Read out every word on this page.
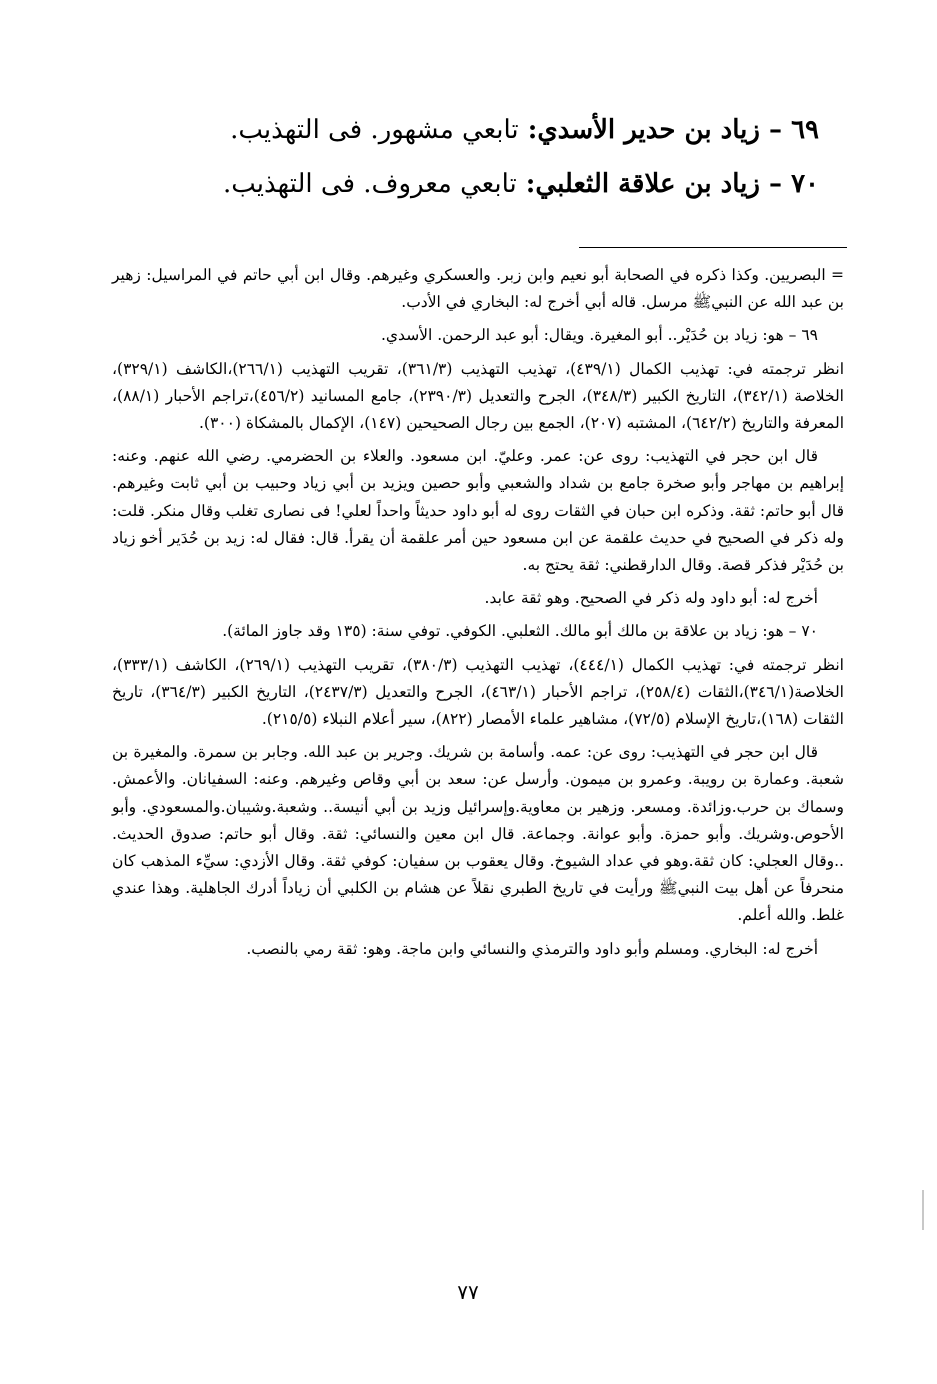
٦٩ – زياد بن حدير الأسدي: تابعي مشهور. فى التهذيب.
٧٠ – زياد بن علاقة الثعلبي: تابعي معروف. فى التهذيب.

= البصريين. وكذا ذكره في الصحابة أبو نعيم وابن زبر. والعسكري وغيرهم. وقال ابن أبي حاتم في المراسيل: زهير بن عبد الله عن النبيﷺ مرسل. قاله أبي أخرج له: البخاري في الأدب.

٦٩ – هو: زياد بن حُدَيْر.. أبو المغيرة. ويقال: أبو عبد الرحمن. الأسدي.

انظر ترجمته في: تهذيب الكمال (٤٣٩/١)، تهذيب التهذيب (٣٦١/٣)، تقريب التهذيب (٢٦٦/١)،الكاشف (٣٢٩/١)، الخلاصة (٣٤٢/١)، التاريخ الكبير (٣٤٨/٣)، الجرح والتعديل (٢٣٩٠/٣)، جامع المسانيد (٤٥٦/٢)،تراجم الأحبار (٨٨/١)، المعرفة والتاريخ (٦٤٢/٢)، المشتبه (٢٠٧)، الجمع بين رجال الصحيحين (١٤٧)، الإكمال بالمشكاة (٣٠٠).

قال ابن حجر في التهذيب: روى عن: عمر. وعليّ. ابن مسعود. والعلاء بن الحضرمي. رضي الله عنهم. وعنه: إبراهيم بن مهاجر وأبو صخرة جامع بن شداد والشعبي وأبو حصين ويزيد بن أبي زياد وحبيب بن أبي ثابت وغيرهم. قال أبو حاتم: ثقة. وذكره ابن حبان في الثقات روى له أبو داود حديثاً واحداً لعلي! فى نصارى تغلب وقال منكر. قلت: وله ذكر في الصحيح في حديث علقمة عن ابن مسعود حين أمر علقمة أن يقرأ. قال: فقال له: زيد بن حُدَير أخو زياد بن حُدَيْر فذكر قصة. وقال الدارقطني: ثقة يحتج به.

أخرج له: أبو داود وله ذكر في الصحيح. وهو ثقة عابد.

٧٠ – هو: زياد بن علاقة بن مالك أبو مالك. الثعلبي. الكوفي. توفي سنة: (١٣٥ وقد جاوز المائة).

انظر ترجمته في: تهذيب الكمال (٤٤٤/١)، تهذيب التهذيب (٣٨٠/٣)، تقريب التهذيب (٢٦٩/١)، الكاشف (٣٣٣/١)، الخلاصة(٣٤٦/١)،الثقات (٢٥٨/٤)، تراجم الأحبار (٤٦٣/١)، الجرح والتعديل (٢٤٣٧/٣)، التاريخ الكبير (٣٦٤/٣)، تاريخ الثقات (١٦٨)،تاريخ الإسلام (٧٢/٥)، مشاهير علماء الأمصار (٨٢٢)، سير أعلام النبلاء (٢١٥/٥).

قال ابن حجر في التهذيب: روى عن: عمه. وأسامة بن شريك. وجرير بن عبد الله. وجابر بن سمرة. والمغيرة بن شعبة. وعمارة بن رويبة. وعمرو بن ميمون. وأرسل عن: سعد بن أبي وقاص وغيرهم. وعنه: السفيانان. والأعمش. وسماك بن حرب.وزائدة. ومسعر. وزهير بن معاوية.وإسرائيل وزيد بن أبي أنيسة.. وشعبة.وشيبان.والمسعودي. وأبو الأحوص.وشريك. وأبو حمزة. وأبو عوانة. وجماعة. قال ابن معين والنسائي: ثقة. وقال أبو حاتم: صدوق الحديث. ..وقال العجلي: كان ثقة.وهو في عداد الشيوخ. وقال يعقوب بن سفيان: كوفي ثقة. وقال الأزدي: سيِّء المذهب كان منحرفاً عن أهل بيت النبيﷺ ورأيت في تاريخ الطبري نقلاً عن هشام بن الكلبي أن زياداً أدرك الجاهلية. وهذا عندي غلط. والله أعلم.

أخرج له: البخاري. ومسلم وأبو داود والترمذي والنسائي وابن ماجة. وهو: ثقة رمي بالنصب.

٧٧
